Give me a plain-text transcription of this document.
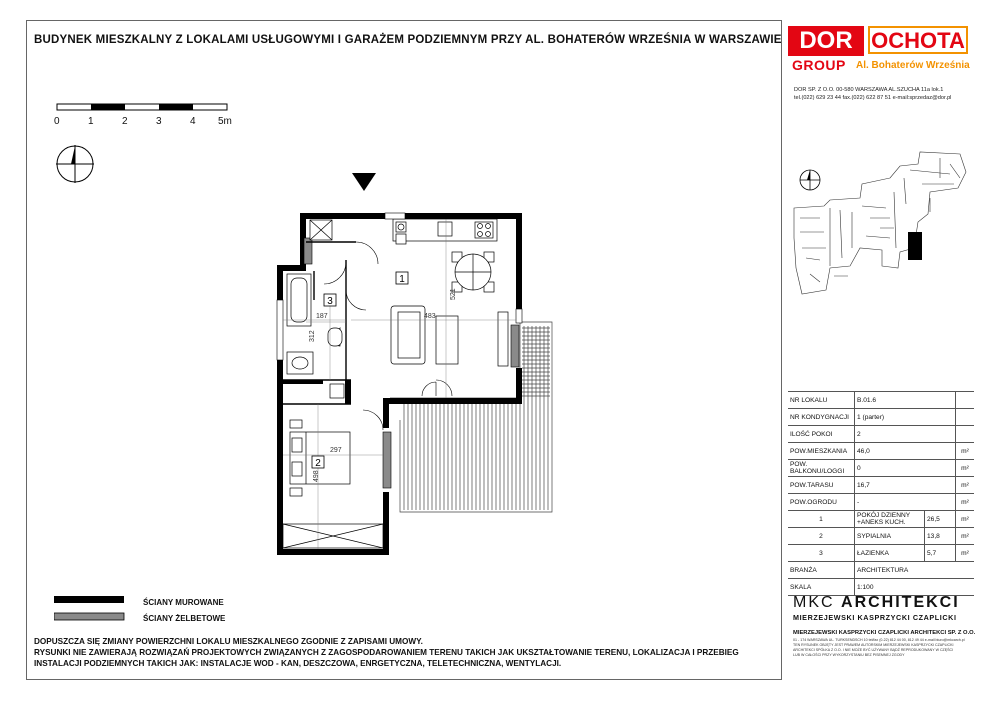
BUDYNEK MIESZKALNY Z LOKALAMI USŁUGOWYMI I GARAŻEM PODZIEMNYM PRZY AL. BOHATERÓW WRZEŚNIA W WARSZAWIE
0	1	2	3	4 5m
1
2
3
187
312
483
521
297
498
ŚCIANY MUROWANE
ŚCIANY ŻELBETOWE
DOPUSZCZA SIĘ ZMIANY POWIERZCHNI LOKALU MIESZKALNEGO ZGODNIE Z ZAPISAMI UMOWY.
RYSUNKI NIE ZAWIERAJĄ ROZWIĄZAŃ PROJEKTOWYCH ZWIĄZANYCH Z ZAGOSPODAROWANIEM TERENU TAKICH JAK UKSZTAŁTOWANIE TERENU, LOKALIZACJA I PRZEBIEG
INSTALACJI PODZIEMNYCH TAKICH JAK: INSTALACJE WOD - KAN, DESZCZOWA, ENRGETYCZNA, TELETECHNICZNA, WENTYLACJI.
DOR OCHOTA
GROUP Al. Bohaterów Września
DOR SP. Z O.O. 00-580 WARSZAWA AL.SZUCHA 11a lok.1
tel.(022) 629 23 44 fax.(022) 622 87 51 e-mail:sprzedaz@dor.pl
NR LOKALU	B.01.6		
NR KONDYGNACJI	1 (parter)		
ILOŚĆ POKOI	2		
POW.MIESZKANIA	46,0		m²
POW. BALKONU/LOGGI	0		m²
POW.TARASU	16,7		m²
POW.OGRODU	-		m²
1	POKÓJ DZIENNY +ANEKS KUCH.	26,5	m²
2	SYPIALNIA	13,8	m²
3	ŁAZIENKA	5,7	m²
BRANŻA	ARCHITEKTURA		
SKALA	1:100		
MKC ARCHITEKCI
MIERZEJEWSKI KASPRZYCKI CZAPLICKI
MIERZEJEWSKI KASPRZYCKI CZAPLICKI ARCHITEKCI SP. Z O.O.
01 - 174 WARSZAWA UL. TURKSENDSCH 10 tel/fax (0-22) 812 44 00, 812 49 44 e-mail biuro@mkcarch.pl
TEN RYSUNEK OBJĘTY JEST PRAWEM AUTORSKIM MIERZEJEWSKI KASPRZYCKI CZAPLICKI
ARCHITEKCI SPÓŁKA Z O.O. I NIE MOŻE BYĆ UŻYWANY BĄDŹ REPRODUKOWANY W CZĘŚCI
LUB W CAŁOŚCI PRZY WYKORZYSTANIU BEZ PISEMNEJ ZGODY
